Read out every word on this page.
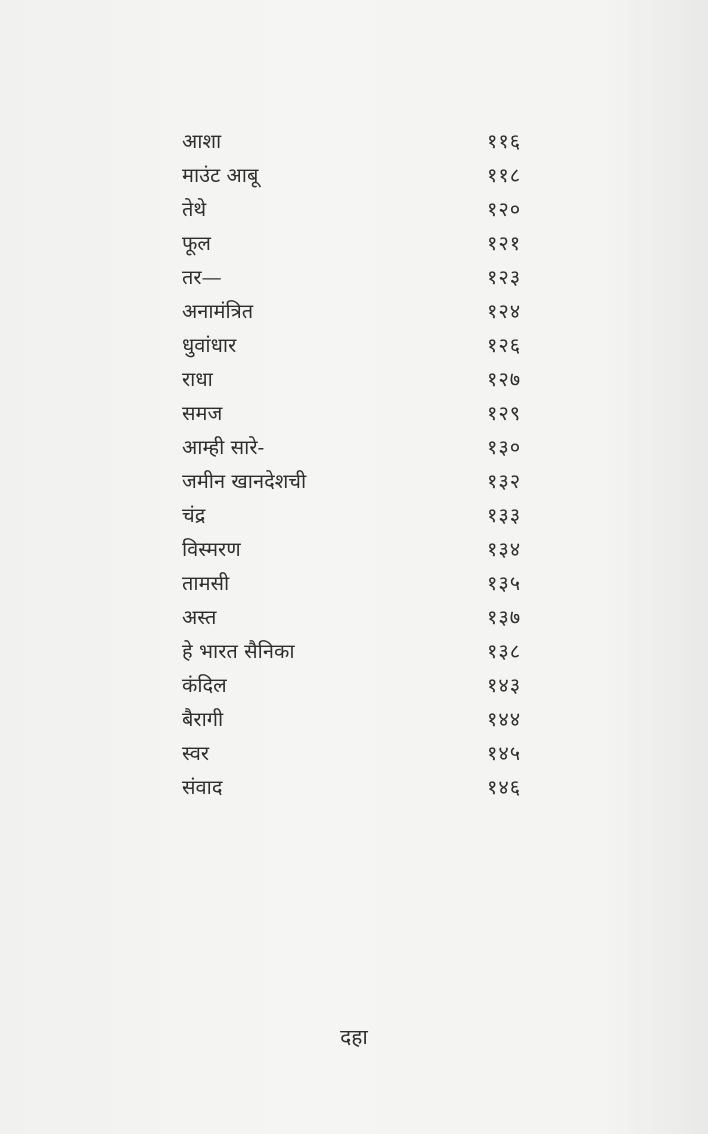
आशा	११६
माउंट आबू	११८
तेथे	१२०
फूल	१२१
तर—	१२३
अनामंत्रित	१२४
धुवांधार	१२६
राधा	१२७
समज	१२९
आम्ही सारे-	१३०
जमीन खानदेशची	१३२
चंद्र	१३३
विस्मरण	१३४
तामसी	१३५
अस्त	१३७
हे भारत सैनिका	१३८
कंदिल	१४३
बैरागी	१४४
स्वर	१४५
संवाद	१४६
दहा
